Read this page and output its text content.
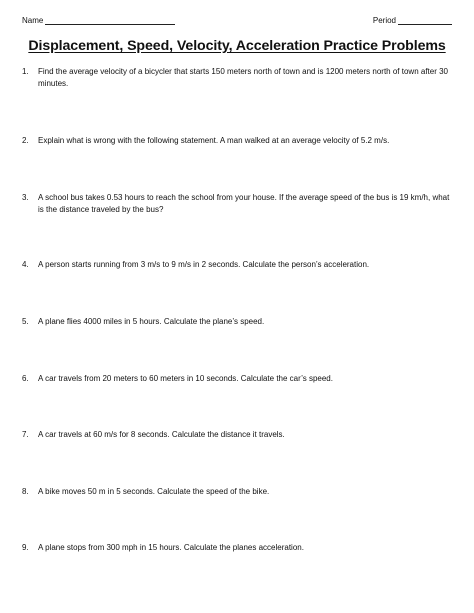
Name	Period
Displacement, Speed, Velocity, Acceleration Practice Problems
1.	Find the average velocity of a bicycler that starts 150 meters north of town and is 1200 meters north of town after 30 minutes.
2.	Explain what is wrong with the following statement. A man walked at an average velocity of 5.2 m/s.
3.	A school bus takes 0.53 hours to reach the school from your house. If the average speed of the bus is 19 km/h, what is the distance traveled by the bus?
4.	A person starts running from 3 m/s to 9 m/s in 2 seconds. Calculate the person’s acceleration.
5.	A plane flies 4000 miles in 5 hours. Calculate the plane’s speed.
6.	A car travels from 20 meters to 60 meters in 10 seconds. Calculate the car’s speed.
7.	A car travels at 60 m/s for 8 seconds. Calculate the distance it travels.
8.	A bike moves 50 m in 5 seconds. Calculate the speed of the bike.
9.	A plane stops from 300 mph in 15 hours. Calculate the planes acceleration.
